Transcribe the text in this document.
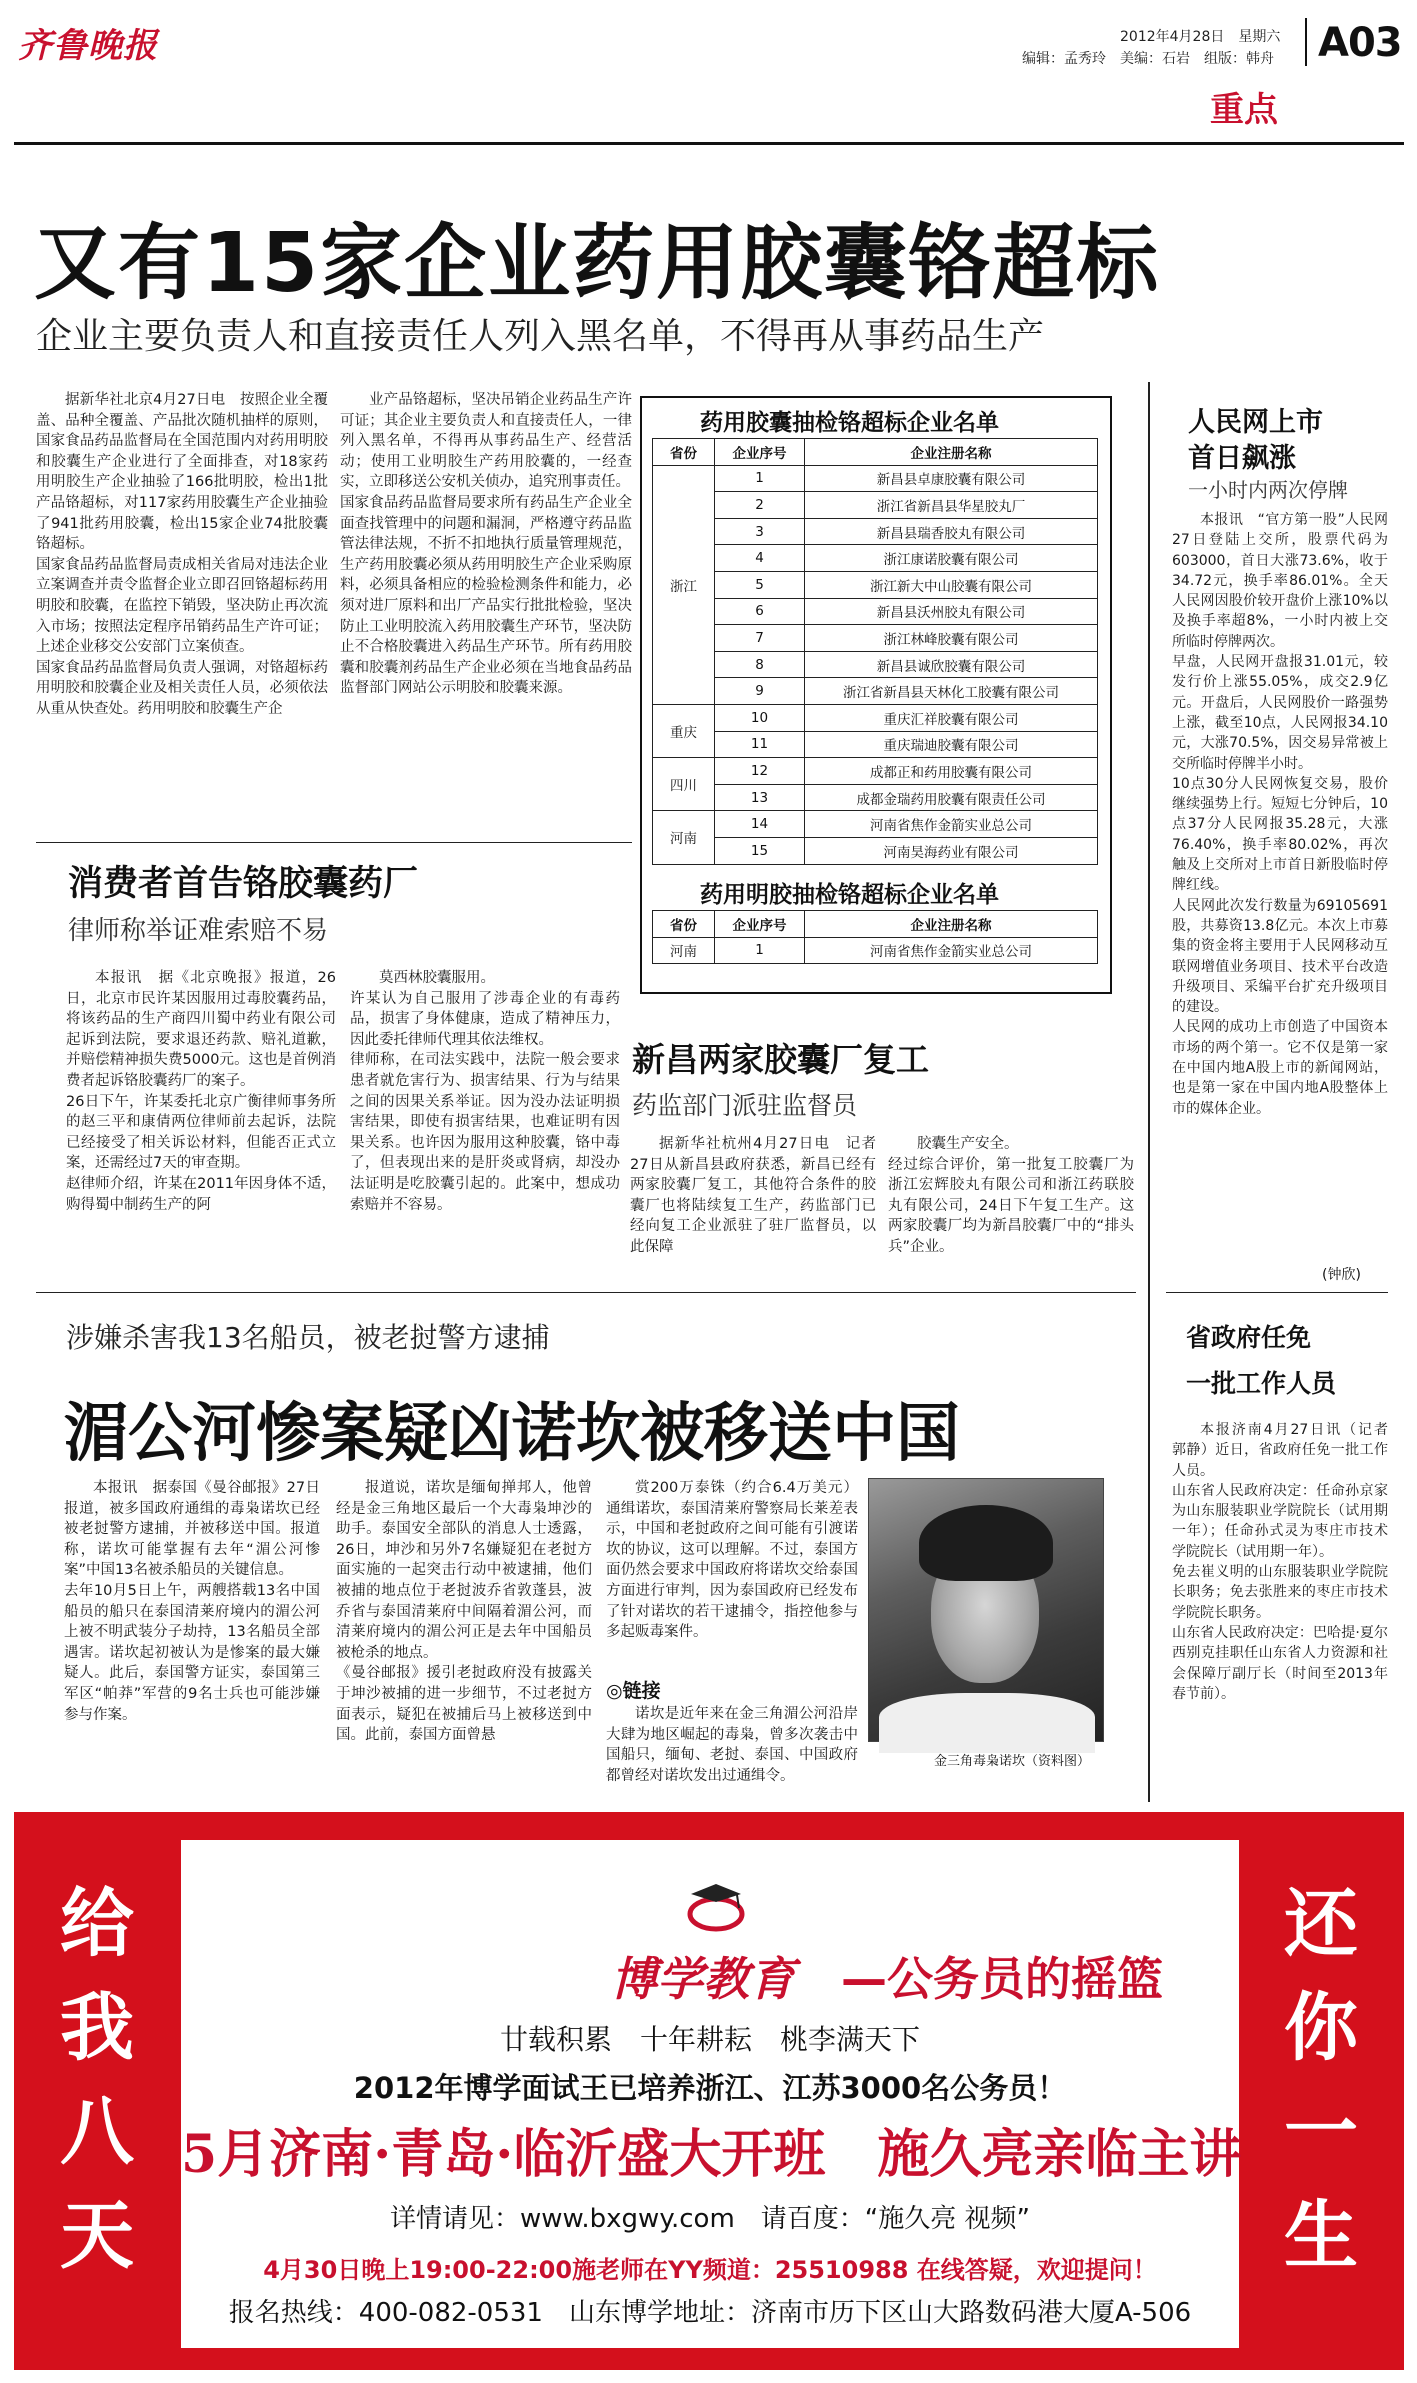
齐鲁晚报	2012年4月28日　星期六
编辑：孟秀玲　美编：石岩　组版：韩舟 A03
重点
又有15家企业药用胶囊铬超标
企业主要负责人和直接责任人列入黑名单，不得再从事药品生产
据新华社北京4月27日电　按照企业全覆盖、品种全覆盖、产品批次随机抽样的原则，国家食品药品监督局在全国范围内对药用明胶和胶囊生产企业进行了全面排查，对18家药用明胶生产企业抽验了166批明胶，检出1批产品铬超标，对117家药用胶囊生产企业抽验了941批药用胶囊，检出15家企业74批胶囊铬超标。
国家食品药品监督局责成相关省局对违法企业立案调查并责令监督企业立即召回铬超标药用明胶和胶囊，在监控下销毁，坚决防止再次流入市场；按照法定程序吊销药品生产许可证；上述企业移交公安部门立案侦查。
国家食品药品监督局负责人强调，对铬超标药用明胶和胶囊企业及相关责任人员，必须依法从重从快查处。药用明胶和胶囊生产企
业产品铬超标，坚决吊销企业药品生产许可证；其企业主要负责人和直接责任人，一律列入黑名单，不得再从事药品生产、经营活动；使用工业明胶生产药用胶囊的，一经查实，立即移送公安机关侦办，追究刑事责任。
国家食品药品监督局要求所有药品生产企业全面查找管理中的问题和漏洞，严格遵守药品监管法律法规，不折不扣地执行质量管理规范，生产药用胶囊必须从药用明胶生产企业采购原料，必须具备相应的检验检测条件和能力，必须对进厂原料和出厂产品实行批批检验，坚决防止工业明胶流入药用胶囊生产环节，坚决防止不合格胶囊进入药品生产环节。所有药用胶囊和胶囊剂药品生产企业必须在当地食品药品监督部门网站公示明胶和胶囊来源。
药用胶囊抽检铬超标企业名单
省份	企业序号	企业注册名称
浙江	1	新昌县卓康胶囊有限公司
	2	浙江省新昌县华星胶丸厂
	3	新昌县瑞香胶丸有限公司
	4	浙江康诺胶囊有限公司
	5	浙江新大中山胶囊有限公司
	6	新昌县沃州胶丸有限公司
	7	浙江林峰胶囊有限公司
	8	新昌县诚欣胶囊有限公司
	9	浙江省新昌县天林化工胶囊有限公司
重庆	10	重庆汇祥胶囊有限公司
	11	重庆瑞迪胶囊有限公司
四川	12	成都正和药用胶囊有限公司
	13	成都金瑞药用胶囊有限责任公司
河南	14	河南省焦作金箭实业总公司
	15	河南昊海药业有限公司
药用明胶抽检铬超标企业名单
省份	企业序号	企业注册名称
河南	1	河南省焦作金箭实业总公司
人民网上市
首日飙涨
一小时内两次停牌
本报讯　“官方第一股”人民网27日登陆上交所，股票代码为603000，首日大涨73.6%，收于34.72元，换手率86.01%。全天人民网因股价较开盘价上涨10%以及换手率超8%，一小时内被上交所临时停牌两次。
早盘，人民网开盘报31.01元，较发行价上涨55.05%，成交2.9亿元。开盘后，人民网股价一路强势上涨，截至10点，人民网报34.10元，大涨70.5%，因交易异常被上交所临时停牌半小时。
10点30分人民网恢复交易，股价继续强势上行。短短七分钟后，10点37分人民网报35.28元，大涨76.40%，换手率80.02%，再次触及上交所对上市首日新股临时停牌红线。
人民网此次发行数量为69105691股，共募资13.8亿元。本次上市募集的资金将主要用于人民网移动互联网增值业务项目、技术平台改造升级项目、采编平台扩充升级项目的建设。
人民网的成功上市创造了中国资本市场的两个第一。它不仅是第一家在中国内地A股上市的新闻网站，也是第一家在中国内地A股整体上市的媒体企业。
(钟欣)
省政府任免
一批工作人员
本报济南4月27日讯（记者　郭静）近日，省政府任免一批工作人员。
山东省人民政府决定：任命孙京家为山东服装职业学院院长（试用期一年）；任命孙式灵为枣庄市技术学院院长（试用期一年）。
免去崔义明的山东服装职业学院院长职务；免去张胜来的枣庄市技术学院院长职务。
山东省人民政府决定：巴哈提·夏尔西别克挂职任山东省人力资源和社会保障厅副厅长（时间至2013年春节前）。
消费者首告铬胶囊药厂
律师称举证难索赔不易
本报讯　据《北京晚报》报道，26日，北京市民许某因服用过毒胶囊药品，将该药品的生产商四川蜀中药业有限公司起诉到法院，要求退还药款、赔礼道歉，并赔偿精神损失费5000元。这也是首例消费者起诉铬胶囊药厂的案子。
26日下午，许某委托北京广衡律师事务所的赵三平和康倩两位律师前去起诉，法院已经接受了相关诉讼材料，但能否正式立案，还需经过7天的审查期。
赵律师介绍，许某在2011年因身体不适，购得蜀中制药生产的阿
莫西林胶囊服用。
许某认为自己服用了涉毒企业的有毒药品，损害了身体健康，造成了精神压力，因此委托律师代理其依法维权。
律师称，在司法实践中，法院一般会要求患者就危害行为、损害结果、行为与结果之间的因果关系举证。因为没办法证明损害结果，即使有损害结果，也难证明有因果关系。也许因为服用这种胶囊，铬中毒了，但表现出来的是肝炎或肾病，却没办法证明是吃胶囊引起的。此案中，想成功索赔并不容易。
新昌两家胶囊厂复工
药监部门派驻监督员
据新华社杭州4月27日电　记者27日从新昌县政府获悉，新昌已经有两家胶囊厂复工，其他符合条件的胶囊厂也将陆续复工生产，药监部门已经向复工企业派驻了驻厂监督员，以此保障
胶囊生产安全。
经过综合评价，第一批复工胶囊厂为浙江宏辉胶丸有限公司和浙江药联胶丸有限公司，24日下午复工生产。这两家胶囊厂均为新昌胶囊厂中的“排头兵”企业。
涉嫌杀害我13名船员，被老挝警方逮捕
湄公河惨案疑凶诺坎被移送中国
本报讯　据泰国《曼谷邮报》27日报道，被多国政府通缉的毒枭诺坎已经被老挝警方逮捕，并被移送中国。报道称，诺坎可能掌握有去年“湄公河惨案”中国13名被杀船员的关键信息。
去年10月5日上午，两艘搭载13名中国船员的船只在泰国清莱府境内的湄公河上被不明武装分子劫持，13名船员全部遇害。诺坎起初被认为是惨案的最大嫌疑人。此后，泰国警方证实，泰国第三军区“帕莽”军营的9名士兵也可能涉嫌参与作案。
报道说，诺坎是缅甸掸邦人，他曾经是金三角地区最后一个大毒枭坤沙的助手。泰国安全部队的消息人士透露，26日，坤沙和另外7名嫌疑犯在老挝方面实施的一起突击行动中被逮捕，他们被捕的地点位于老挝波乔省敦蓬县，波乔省与泰国清莱府中间隔着湄公河，而清莱府境内的湄公河正是去年中国船员被枪杀的地点。
《曼谷邮报》援引老挝政府没有披露关于坤沙被捕的进一步细节，不过老挝方面表示，疑犯在被捕后马上被移送到中国。此前，泰国方面曾悬
赏200万泰铢（约合6.4万美元）通缉诺坎，泰国清莱府警察局长莱差表示，中国和老挝政府之间可能有引渡诺坎的协议，这可以理解。不过，泰国方面仍然会要求中国政府将诺坎交给泰国方面进行审判，因为泰国政府已经发布了针对诺坎的若干逮捕令，指控他参与多起贩毒案件。
◎链接
诺坎是近年来在金三角湄公河沿岸大肆为地区崛起的毒枭，曾多次袭击中国船只，缅甸、老挝、泰国、中国政府都曾经对诺坎发出过通缉令。
金三角毒枭诺坎（资料图）
给
我
八
天
还
你
一
生
博学教育 —公务员的摇篮
廿载积累　十年耕耘　桃李满天下
2012年博学面试王已培养浙江、江苏3000名公务员！
5月济南·青岛·临沂盛大开班　施久亮亲临主讲
详情请见：www.bxgwy.com　请百度：“施久亮 视频”
4月30日晚上19:00-22:00施老师在YY频道：25510988 在线答疑，欢迎提问！
报名热线：400-082-0531　山东博学地址：济南市历下区山大路数码港大厦A-506
